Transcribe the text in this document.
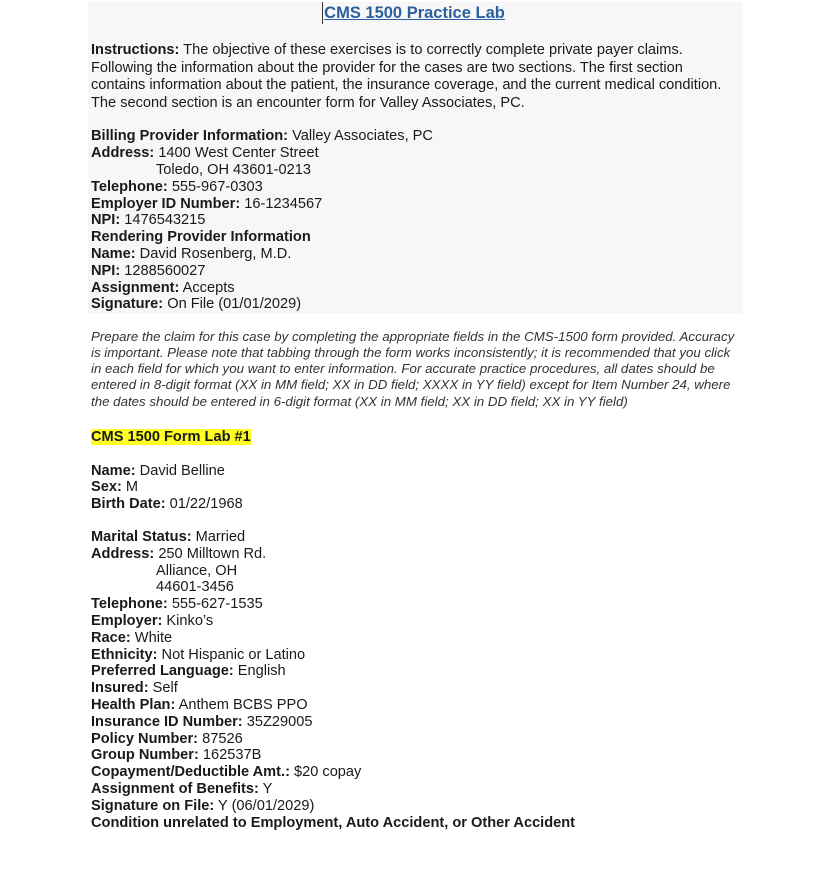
CMS 1500 Practice Lab
Instructions: The objective of these exercises is to correctly complete private payer claims. Following the information about the provider for the cases are two sections. The first section contains information about the patient, the insurance coverage, and the current medical condition. The second section is an encounter form for Valley Associates, PC.
Billing Provider Information: Valley Associates, PC
Address: 1400 West Center Street
Toledo, OH 43601-0213
Telephone: 555-967-0303
Employer ID Number: 16-1234567
NPI: 1476543215
Rendering Provider Information
Name: David Rosenberg, M.D.
NPI: 1288560027
Assignment: Accepts
Signature: On File (01/01/2029)
Prepare the claim for this case by completing the appropriate fields in the CMS-1500 form provided. Accuracy is important. Please note that tabbing through the form works inconsistently; it is recommended that you click in each field for which you want to enter information. For accurate practice procedures, all dates should be entered in 8-digit format (XX in MM field; XX in DD field; XXXX in YY field) except for Item Number 24, where the dates should be entered in 6-digit format (XX in MM field; XX in DD field; XX in YY field)
CMS 1500 Form Lab #1
Name: David Belline
Sex: M
Birth Date: 01/22/1968
Marital Status: Married
Address: 250 Milltown Rd.
Alliance, OH
44601-3456
Telephone: 555-627-1535
Employer: Kinko’s
Race: White
Ethnicity: Not Hispanic or Latino
Preferred Language: English
Insured: Self
Health Plan: Anthem BCBS PPO
Insurance ID Number: 35Z29005
Policy Number: 87526
Group Number: 162537B
Copayment/Deductible Amt.: $20 copay
Assignment of Benefits: Y
Signature on File: Y (06/01/2029)
Condition unrelated to Employment, Auto Accident, or Other Accident
